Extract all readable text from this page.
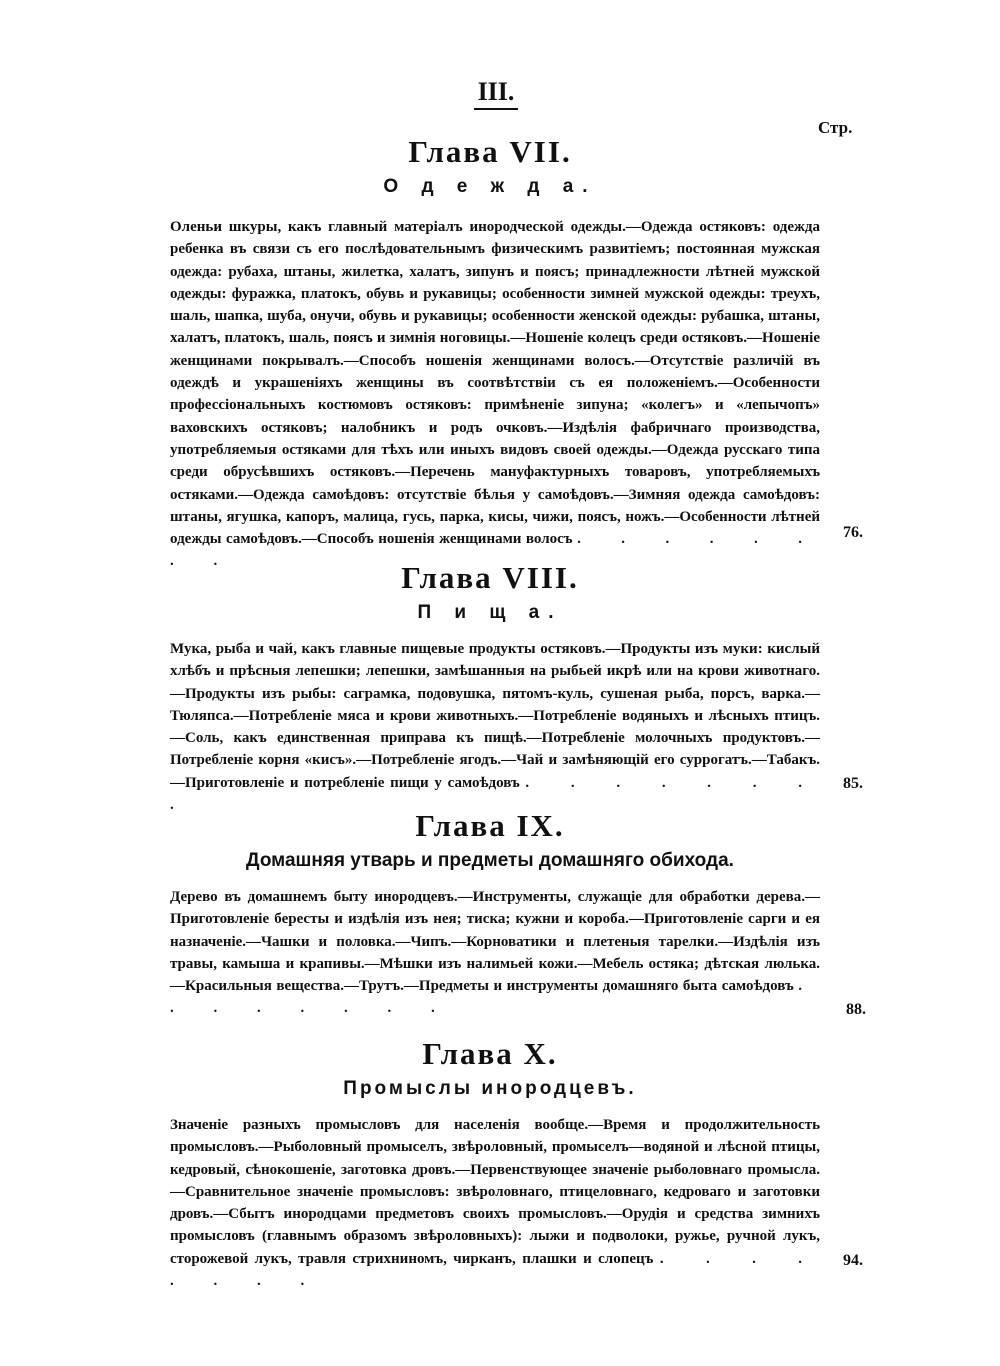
III.
Стр.
Глава VII.
О д е ж д а.

Оленьи шкуры, какъ главный матеріалъ инородческой одежды.—Одежда остяковъ: одежда ребенка въ связи съ его послѣдовательнымъ физическимъ развитіемъ; постоянная мужская одежда: рубаха, штаны, жилетка, халатъ, зипунъ и поясъ; принадлежности лѣтней мужской одежды: фуражка, платокъ, обувь и рукавицы; особенности зимней мужской одежды: треухъ, шаль, шапка, шуба, онучи, обувь и рукавицы; особенности женской одежды: рубашка, штаны, халатъ, платокъ, шаль, поясъ и зимнія ноговицы.—Ношеніе колецъ среди остяковъ.—Ношеніе женщинами покрывалъ.—Способъ ношенія женщинами волосъ.—Отсутствіе различій въ одеждѣ и украшеніяхъ женщины въ соотвѣтствіи съ ея положеніемъ.—Особенности профессіональныхъ костюмовъ остяковъ: примѣненіе зипуна; «колегъ» и «лепычопъ» ваховскихъ остяковъ; налобникъ и родъ очковъ.—Издѣлія фабричнаго производства, употребляемыя остяками для тѣхъ или иныхъ видовъ своей одежды.—Одежда русскаго типа среди обрусѣвшихъ остяковъ.—Перечень мануфактурныхъ товаровъ, употребляемыхъ остяками.—Одежда самоѣдовъ: отсутствіе бѣлья у самоѣдовъ.—Зимняя одежда самоѣдовъ: штаны, ягушка, капоръ, малица, гусь, парка, кисы, чижи, поясъ, ножъ.—Особенности лѣтней одежды самоѣдовъ.—Способъ ношенія женщинами волосъ . . . . . . . .

76.
Глава VIII.
П и щ а.

Мука, рыба и чай, какъ главные пищевые продукты остяковъ.—Продукты изъ муки: кислый хлѣбъ и прѣсныя лепешки; лепешки, замѣшанныя на рыбьей икрѣ или на крови животнаго.—Продукты изъ рыбы: саграмка, подовушка, пятомъ-куль, сушеная рыба, порсъ, варка.—Тюляпса.—Потребленіе мяса и крови животныхъ.—Потребленіе водяныхъ и лѣсныхъ птицъ.—Соль, какъ единственная приправа къ пищѣ.—Потребленіе молочныхъ продуктовъ.—Потребленіе корня «кисъ».—Потребленіе ягодъ.—Чай и замѣняющій его суррогатъ.—Табакъ.—Приготовленіе и потребленіе пищи у самоѣдовъ . . . . . . . .

85.
Глава IX.
Домашняя утварь и предметы домашняго обихода.

Дерево въ домашнемъ быту инородцевъ.—Инструменты, служащіе для обработки дерева.—Приготовленіе бересты и издѣлія изъ нея; тиска; кужни и короба.—Приготовленіе сарги и ея назначеніе.—Чашки и половка.—Чипъ.—Корноватики и плетеныя тарелки.—Издѣлія изъ травы, камыша и крапивы.—Мѣшки изъ налимьей кожи.—Мебель остяка; дѣтская люлька.—Красильныя вещества.—Трутъ.—Предметы и инструменты домашняго быта самоѣдовъ . . . . . . . .	88.
Глава X.
Промыслы инородцевъ.

Значеніе разныхъ промысловъ для населенія вообще.—Время и продолжительность промысловъ.—Рыболовный промыселъ, звѣроловный, промыселъ—водяной и лѣсной птицы, кедровый, сѣнокошеніе, заготовка дровъ.—Первенствующее значеніе рыболовнаго промысла.—Сравнительное значеніе промысловъ: звѣроловнаго, птицеловнаго, кедроваго и заготовки дровъ.—Сбытъ инородцами предметовъ своихъ промысловъ.—Орудія и средства зимнихъ промысловъ (главнымъ образомъ звѣроловныхъ): лыжи и подволоки, ружье, ручной лукъ, сторожевой лукъ, травля стрихниномъ, чирканъ, плашки и слопецъ . . . . . . . .

94.
